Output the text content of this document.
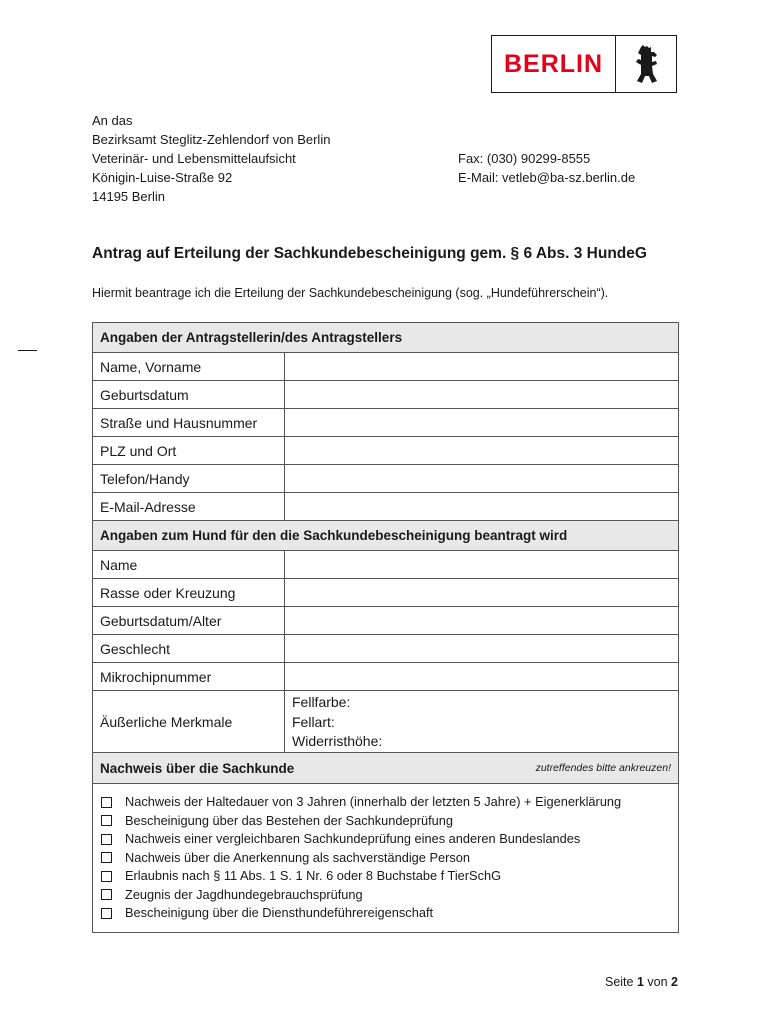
BERLIN
An das
Bezirksamt Steglitz-Zehlendorf von Berlin
Veterinär- und Lebensmittelaufsicht
Königin-Luise-Straße 92
14195 Berlin
Fax: (030) 90299-8555
E-Mail: vetleb@ba-sz.berlin.de
Antrag auf Erteilung der Sachkundebescheinigung gem. § 6 Abs. 3 HundeG
Hiermit beantrage ich die Erteilung der Sachkundebescheinigung (sog. „Hundeführerschein“).
Angaben der Antragstellerin/des Antragstellers
Name, Vorname
Geburtsdatum
Straße und Hausnummer
PLZ und Ort
Telefon/Handy
E-Mail-Adresse
Angaben zum Hund für den die Sachkundebescheinigung beantragt wird
Name
Rasse oder Kreuzung
Geburtsdatum/Alter
Geschlecht
Mikrochipnummer
Äußerliche Merkmale
Fellfarbe:
Fellart:
Widerristhöhe:
Nachweis über die Sachkunde	zutreffendes bitte ankreuzen!
Nachweis der Haltedauer von 3 Jahren (innerhalb der letzten 5 Jahre) + Eigenerklärung
Bescheinigung über das Bestehen der Sachkundeprüfung
Nachweis einer vergleichbaren Sachkundeprüfung eines anderen Bundeslandes
Nachweis über die Anerkennung als sachverständige Person
Erlaubnis nach § 11 Abs. 1 S. 1 Nr. 6 oder 8 Buchstabe f TierSchG
Zeugnis der Jagdhundegebrauchsprüfung
Bescheinigung über die Diensthundeführereigenschaft
Seite 1 von 2
